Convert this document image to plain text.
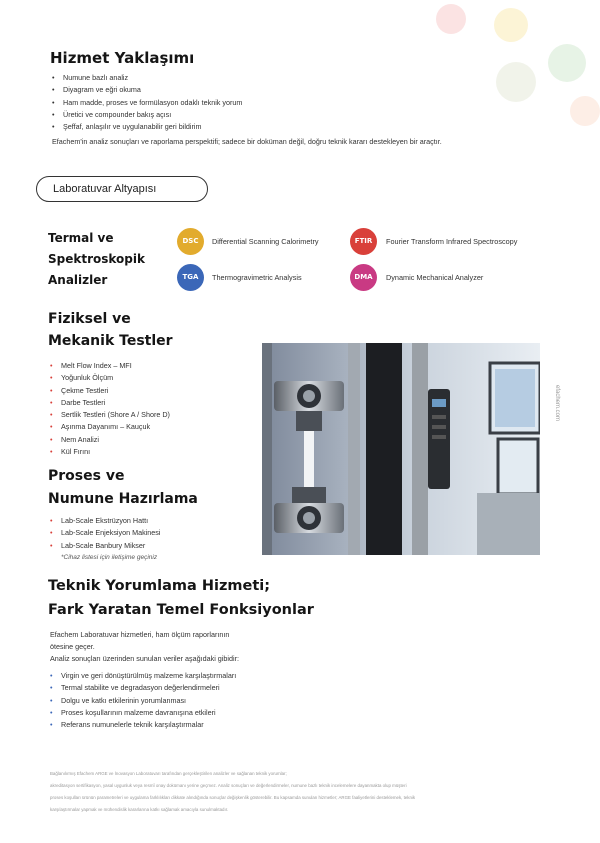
Hizmet Yaklaşımı
• Numune bazlı analiz
• Diyagram ve eğri okuma
• Ham madde, proses ve formülasyon odaklı teknik yorum
• Üretici ve compounder bakış açısı
• Şeffaf, anlaşılır ve uygulanabilir geri bildirim
Efachem'in analiz sonuçları ve raporlama perspektifi; sadece bir doküman değil, doğru teknik kararı destekleyen bir araçtır.
Laboratuvar Altyapısı
Termal ve
Spektroskopik
Analizler
DSC	Differential Scanning Calorimetry	FTIR	Fourier Transform Infrared Spectroscopy
TGA	Thermogravimetric Analysis	DMA	Dynamic Mechanical Analyzer
Fiziksel ve
Mekanik Testler
• Melt Flow Index – MFI
• Yoğunluk Ölçüm
• Çekme Testleri
• Darbe Testleri
• Sertlik Testleri (Shore A / Shore D)
• Aşınma Dayanımı – Kauçuk
• Nem Analizi
• Kül Fırını
Proses ve
Numune Hazırlama
• Lab-Scale Ekstrüzyon Hattı
• Lab-Scale Enjeksiyon Makinesi
• Lab-Scale Banbury Mikser
*Cihaz listesi için iletişime geçiniz
efachem.com
Teknik Yorumlama Hizmeti;
Fark Yaratan Temel Fonksiyonlar
Efachem Laboratuvar hizmetleri, ham ölçüm raporlarının
ötesine geçer.
Analiz sonuçları üzerinden sunulan veriler aşağıdaki gibidir:
• Virgin ve geri dönüştürülmüş malzeme karşılaştırmaları
• Termal stabilite ve degradasyon değerlendirmeleri
• Dolgu ve katkı etkilerinin yorumlanması
• Proses koşullarının malzeme davranışına etkileri
• Referans numunelerle teknik karşılaştırmalar
Bağlanılırmış Efachem ARGE ve İnovasyon Laboratuvarı tarafından gerçekleştirilen analizler ve sağlanan teknik yorumlar;
akreditasyon sertifikasyon, yasal uygunluk veya resmî onay dokümanı yerine geçmez. Analiz sonuçları ve değerlendirmeler, numune bazlı teknik incelemelere dayanmakta olup müşteri
proses koşulları ürünün parametreleri ve uygulama farklılıkları dikkate alındığında sonuçlar değişkenlik gösterebilir. Bu kapsamda sunulan hizmetler; ARGE faaliyetlerini desteklemek, teknik
karşılaştırmalar yapmak ve mühendislik kararlarına katkı sağlamak amacıyla sunulmaktadır.
